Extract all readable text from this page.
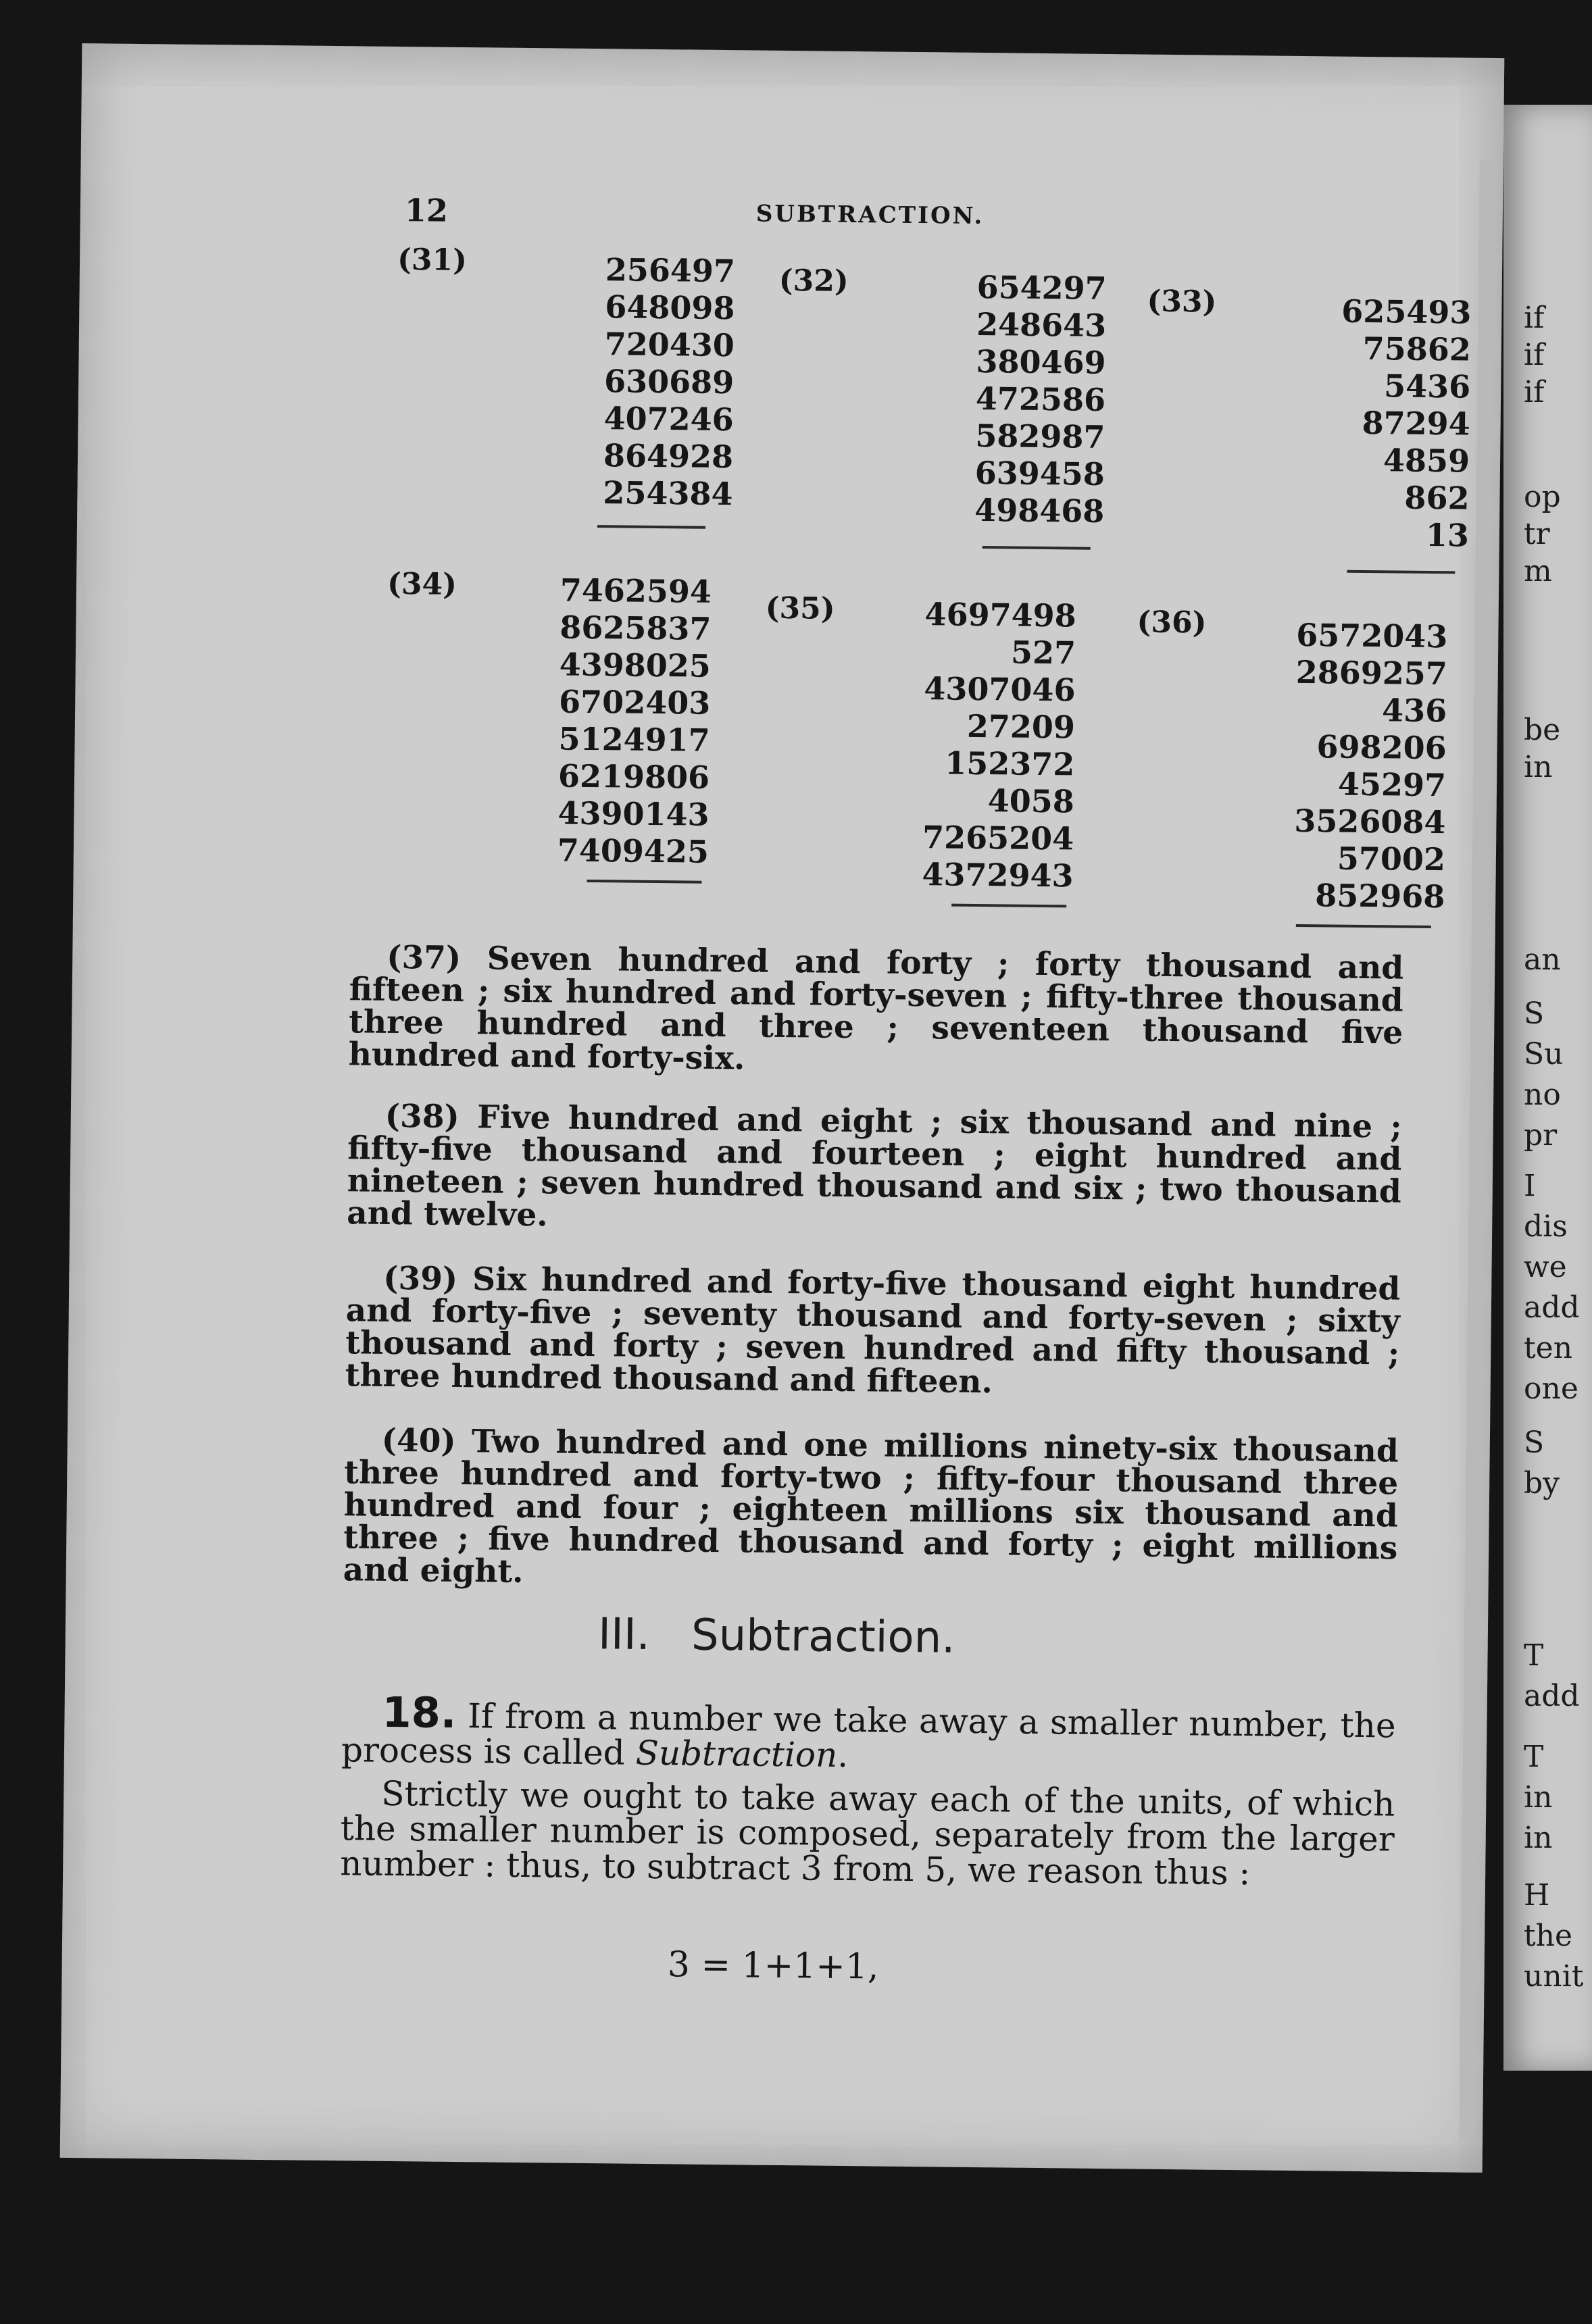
if
if
if
op
tr
m
be
in
an
S
Su
no
pr
I
dis
we
add
ten
one
S
by
T
add
T
in
in
H
the
unit
12	SUBTRACTION.
(31)	256497
648098
720430
630689
407246
864928
254384
(32)	654297
248643
380469
472586
582987
639458
498468
(33)	625493
75862
5436
87294
4859
862
13
(34)	7462594
8625837
4398025
6702403
5124917
6219806
4390143
7409425
(35)	4697498
527
4307046
27209
152372
4058
7265204
4372943
(36)	6572043
2869257
436
698206
45297
3526084
57002
852968

(37) Seven hundred and forty ; forty thousand and fifteen ; six hundred and forty-seven ; fifty-three thousand three hundred and three ; seventeen thousand five hundred and forty-six.

(38) Five hundred and eight ; six thousand and nine ; fifty-five thousand and fourteen ; eight hundred and nineteen ; seven hundred thousand and six ; two thousand and twelve.

(39) Six hundred and forty-five thousand eight hundred and forty-five ; seventy thousand and forty-seven ; sixty thousand and forty ; seven hundred and fifty thousand ; three hundred thousand and fifteen.

(40) Two hundred and one millions ninety-six thousand three hundred and forty-two ; fifty-four thousand three hundred and four ; eighteen millions six thousand and three ; five hundred thousand and forty ; eight millions and eight.

III. Subtraction.

18. If from a number we take away a smaller number, the process is called Subtraction.

Strictly we ought to take away each of the units, of which the smaller number is composed, separately from the larger number : thus, to subtract 3 from 5, we reason thus :

3 = 1+1+1,
